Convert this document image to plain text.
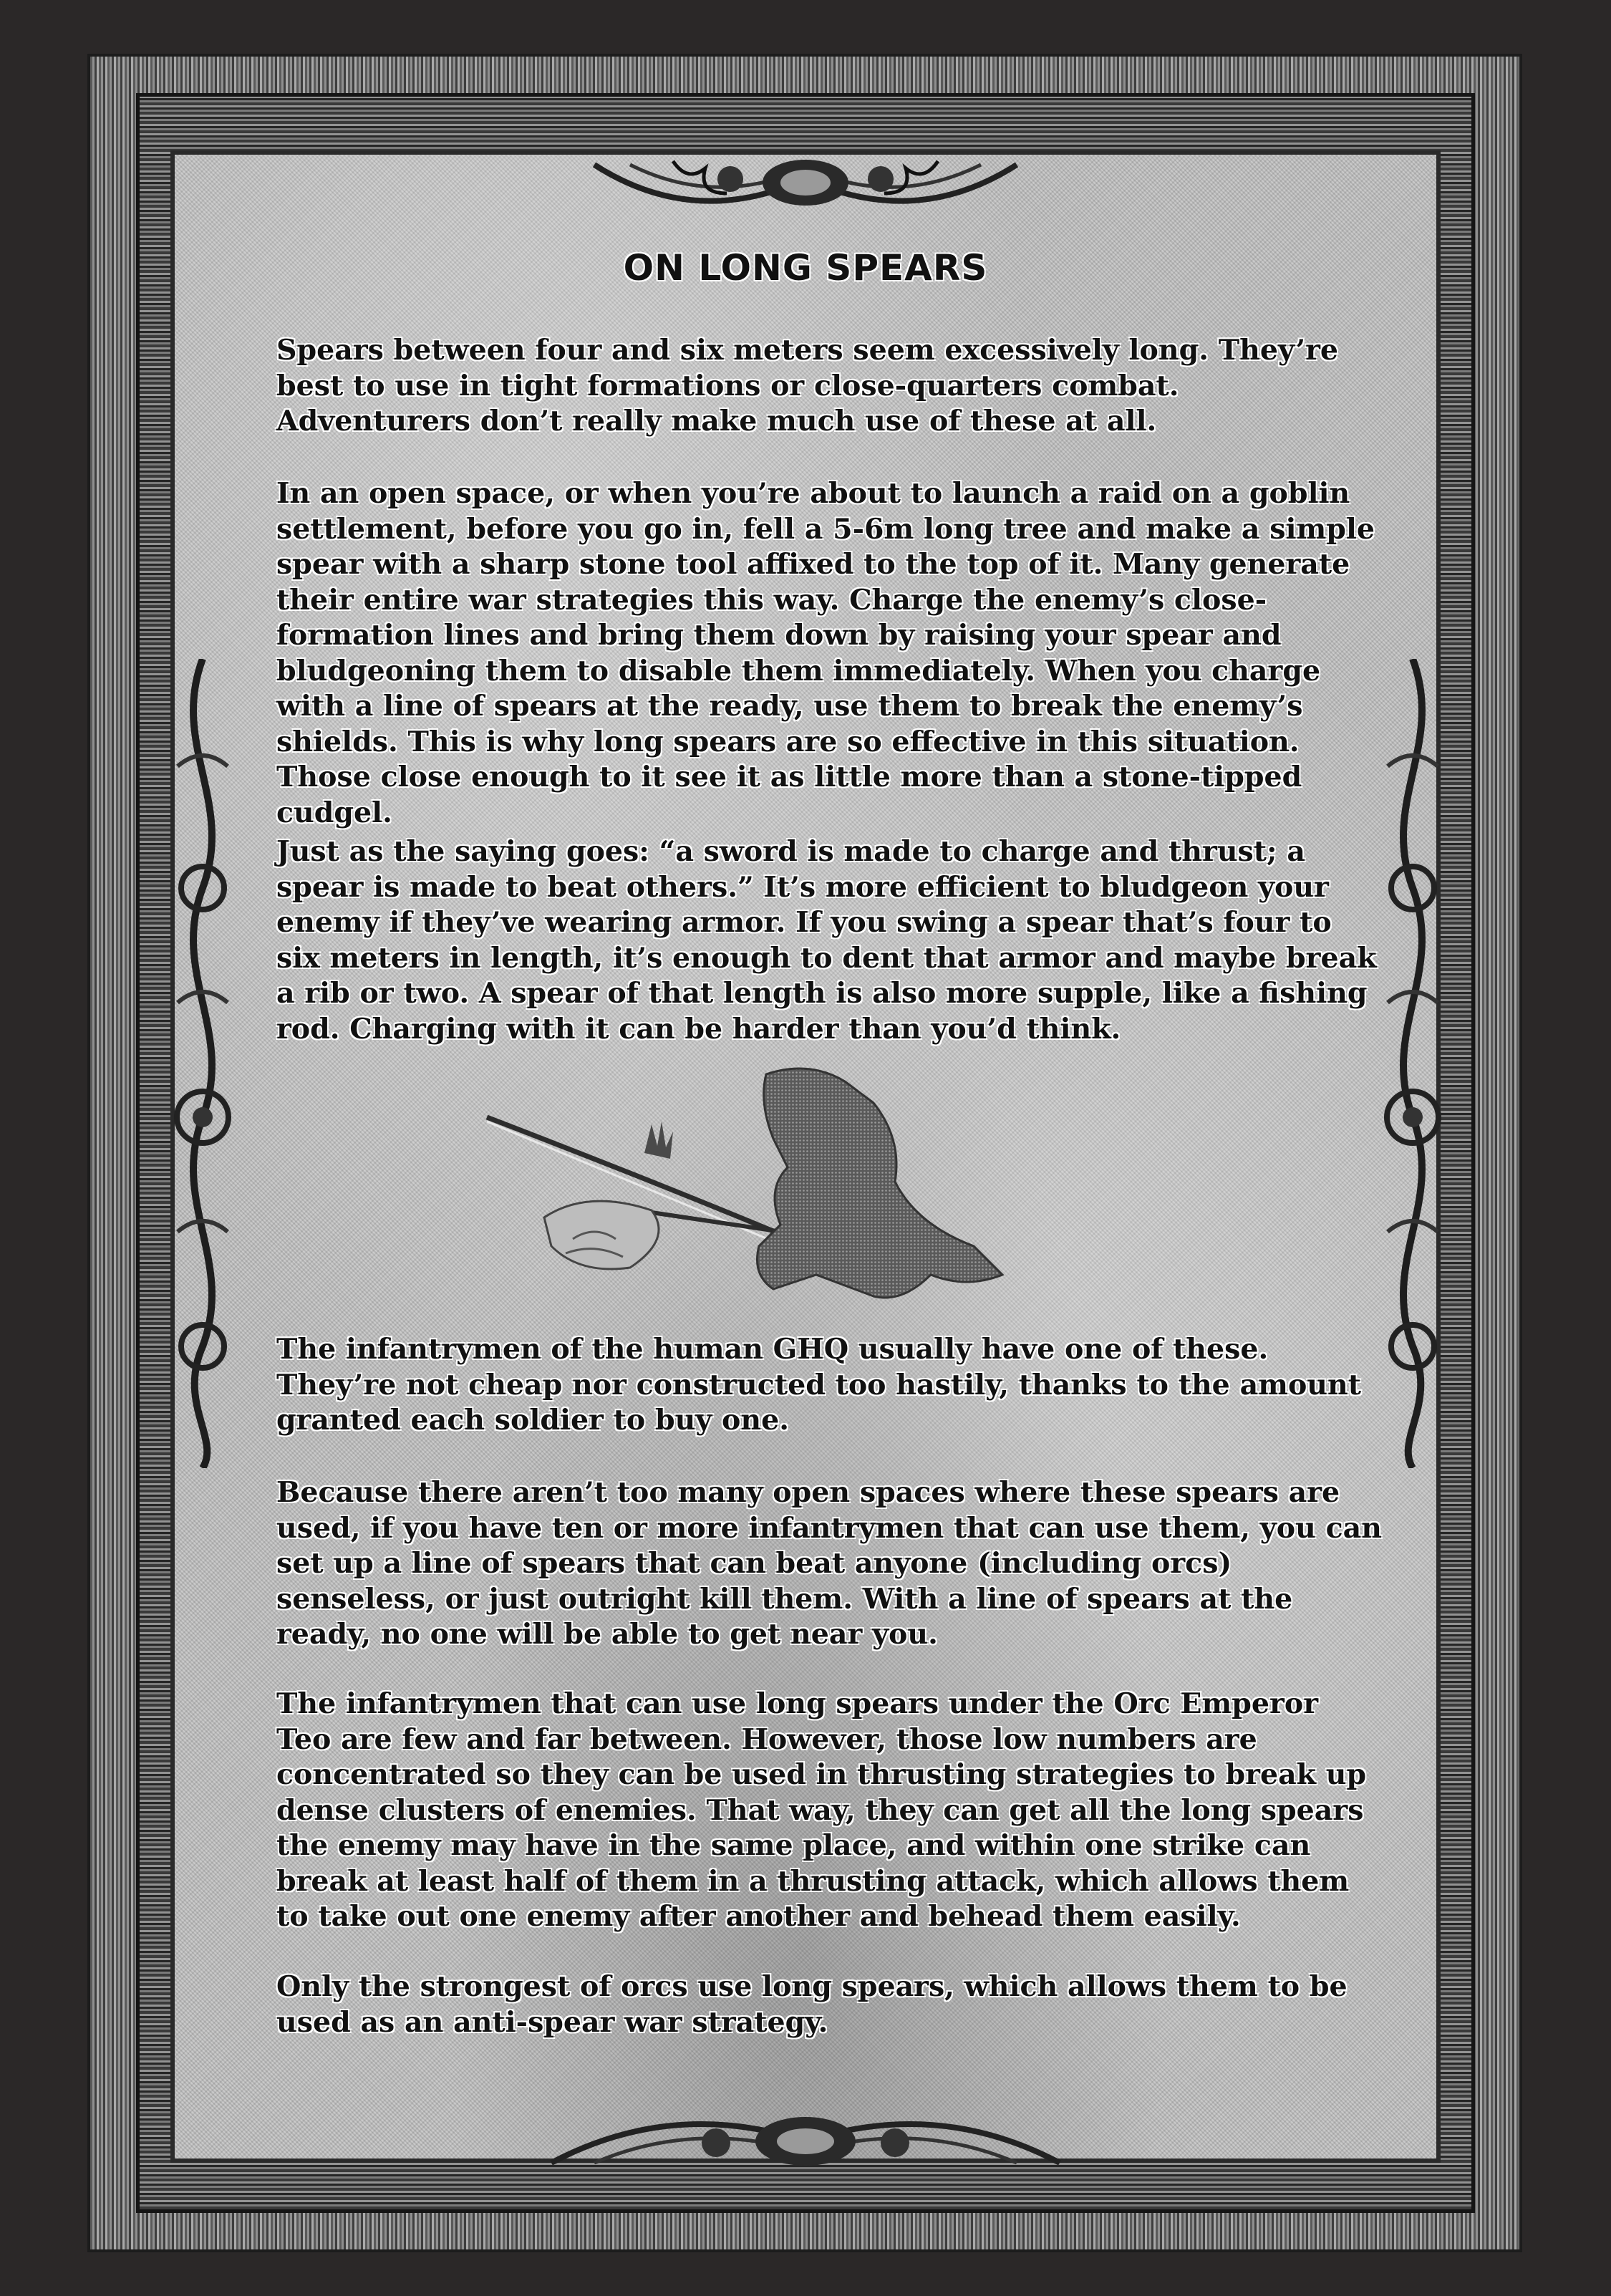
ON LONG SPEARS

Spears between four and six meters seem excessively long. They’re best to use in tight formations or close-quarters combat. Adventurers don’t really make much use of these at all.

In an open space, or when you’re about to launch a raid on a goblin settlement, before you go in, fell a 5-6m long tree and make a simple spear with a sharp stone tool affixed to the top of it. Many generate their entire war strategies this way. Charge the enemy’s close-formation lines and bring them down by raising your spear and bludgeoning them to disable them immediately. When you charge with a line of spears at the ready, use them to break the enemy’s shields. This is why long spears are so effective in this situation. Those close enough to it see it as little more than a stone-tipped cudgel.

Just as the saying goes: “a sword is made to charge and thrust; a spear is made to beat others.” It’s more efficient to bludgeon your enemy if they’ve wearing armor. If you swing a spear that’s four to six meters in length, it’s enough to dent that armor and maybe break a rib or two. A spear of that length is also more supple, like a fishing rod. Charging with it can be harder than you’d think.

The infantrymen of the human GHQ usually have one of these. They’re not cheap nor constructed too hastily, thanks to the amount granted each soldier to buy one.

Because there aren’t too many open spaces where these spears are used, if you have ten or more infantrymen that can use them, you can set up a line of spears that can beat anyone (including orcs) senseless, or just outright kill them. With a line of spears at the ready, no one will be able to get near you.

The infantrymen that can use long spears under the Orc Emperor Teo are few and far between. However, those low numbers are concentrated so they can be used in thrusting strategies to break up dense clusters of enemies. That way, they can get all the long spears the enemy may have in the same place, and within one strike can break at least half of them in a thrusting attack, which allows them to take out one enemy after another and behead them easily.

Only the strongest of orcs use long spears, which allows them to be used as an anti-spear war strategy.
